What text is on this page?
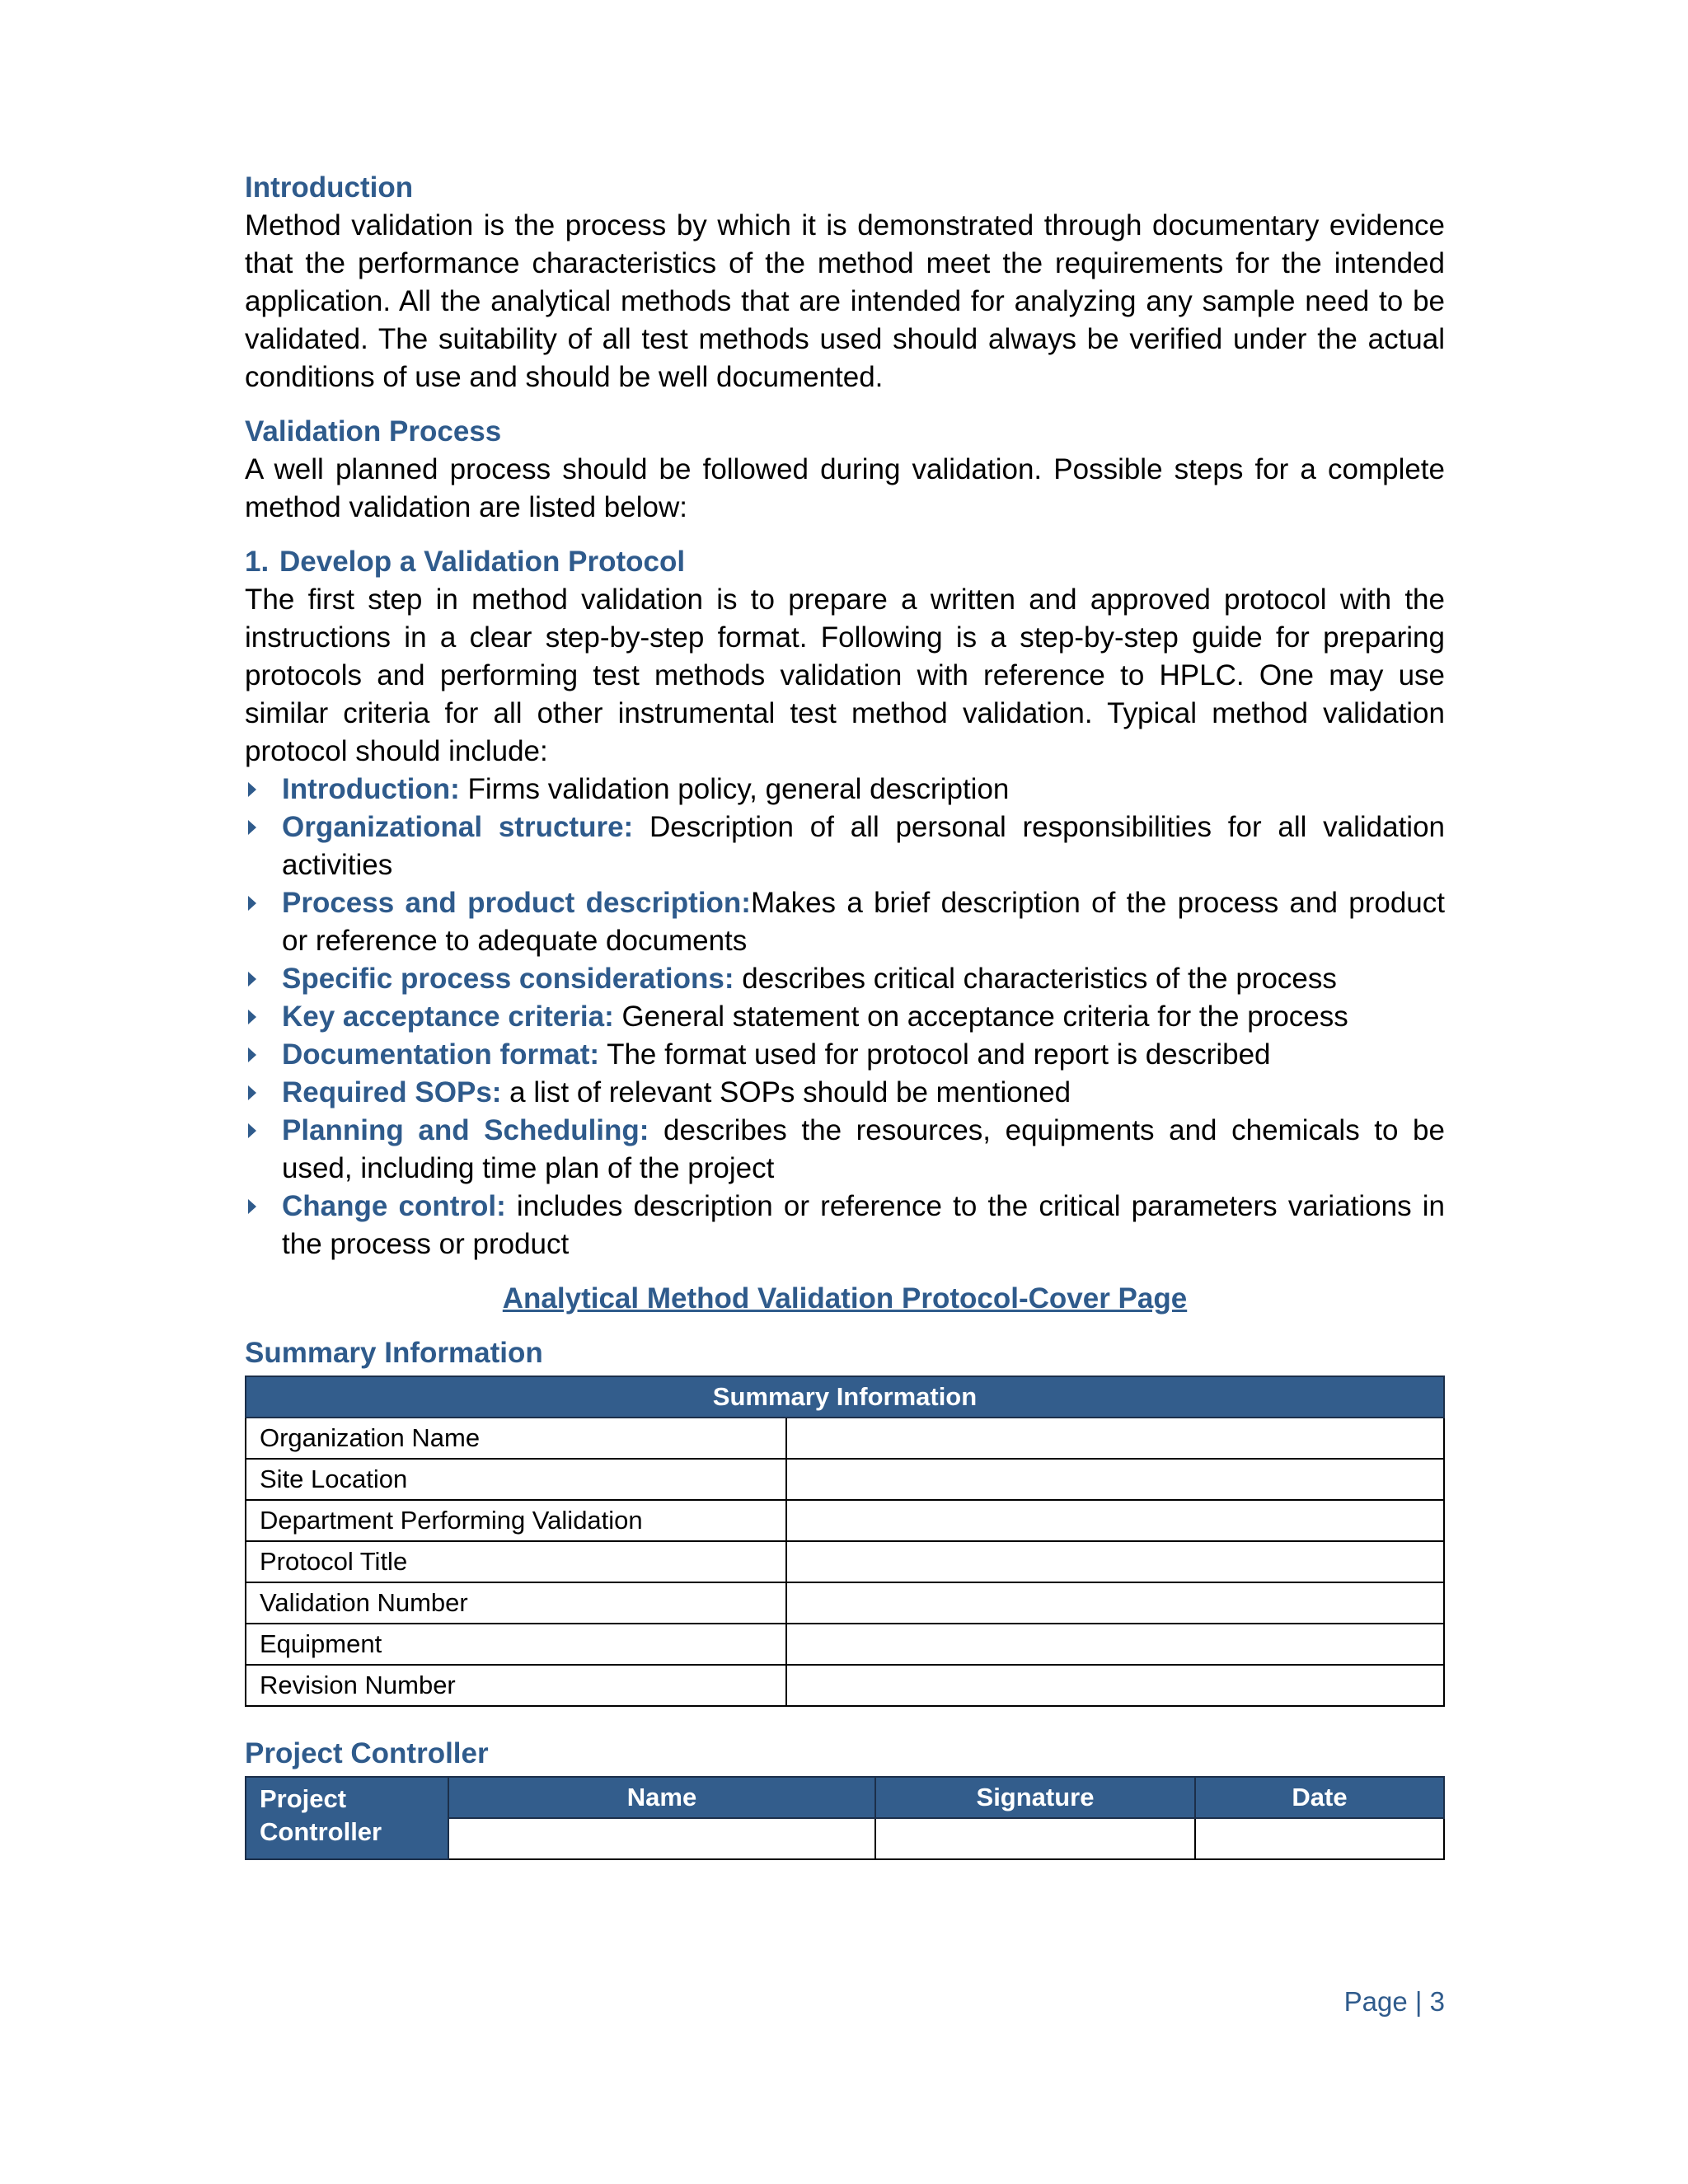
Introduction
Method validation is the process by which it is demonstrated through documentary evidence that the performance characteristics of the method meet the requirements for the intended application. All the analytical methods that are intended for analyzing any sample need to be validated. The suitability of all test methods used should always be verified under the actual conditions of use and should be well documented.
Validation Process
A well planned process should be followed during validation. Possible steps for a complete method validation are listed below:
1. Develop a Validation Protocol
The first step in method validation is to prepare a written and approved protocol with the instructions in a clear step-by-step format. Following is a step-by-step guide for preparing protocols and performing test methods validation with reference to HPLC. One may use similar criteria for all other instrumental test method validation. Typical method validation protocol should include:
Introduction: Firms validation policy, general description
Organizational structure: Description of all personal responsibilities for all validation activities
Process and product description:Makes a brief description of the process and product or reference to adequate documents
Specific process considerations: describes critical characteristics of the process
Key acceptance criteria: General statement on acceptance criteria for the process
Documentation format: The format used for protocol and report is described
Required SOPs: a list of relevant SOPs should be mentioned
Planning and Scheduling: describes the resources, equipments and chemicals to be used, including time plan of the project
Change control: includes description or reference to the critical parameters variations in the process or product
Analytical Method Validation Protocol-Cover Page
Summary Information
Summary Information	
Organization Name	
Site Location	
Department Performing Validation	
Protocol Title	
Validation Number	
Equipment	
Revision Number	
Project Controller
Project Controller	Name	Signature	Date

Page | 3
